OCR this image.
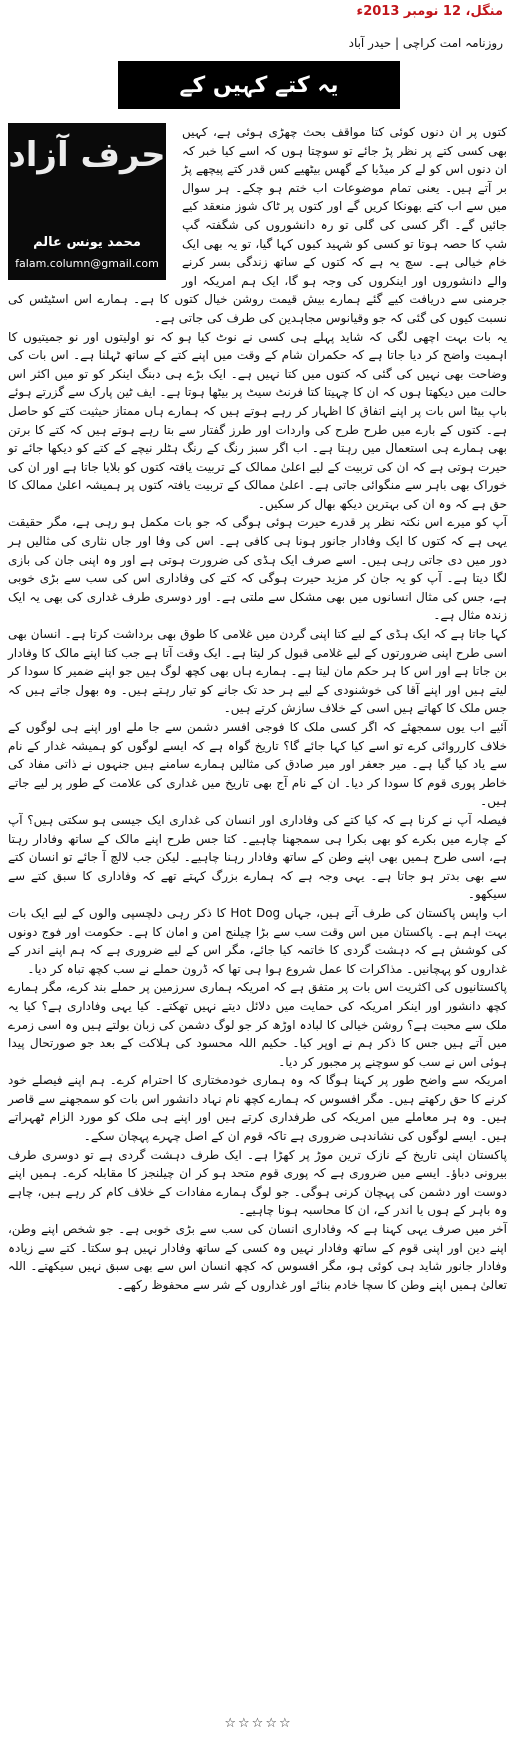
منگل، 12 نومبر 2013ء
روزنامہ امت کراچی | حیدر آباد
یہ کتے کہیں کے
حرف آزاد
محمد یونس عالم
falam.column@gmail.com

کتوں پر ان دنوں کوئی کتا مواقف بحث چھڑی ہوئی ہے، کہیں بھی کسی کتے پر نظر پڑ جائے تو سوچتا ہوں کہ اسے کیا خبر کہ ان دنوں اس کو لے کر میڈیا کے گھس بیٹھیے کس قدر کتے پیچھے پڑ بر آتے ہیں۔ یعنی تمام موضوعات اب ختم ہو چکے۔ ہر سوال میں سے اب کتے بھونکا کریں گے اور کتوں پر ٹاک شوز منعقد کیے جائیں گے۔ اگر کسی کی گلی تو رہ دانشوروں کی شگفتہ گپ شپ کا حصہ ہوتا تو کسی کو شہید کیوں کہا گیا، تو یہ بھی ایک خام خیالی ہے۔ سچ یہ ہے کہ کتوں کے ساتھ زندگی بسر کرنے والے دانشوروں اور اینکروں کی وجہ ہو گا، ایک ہم امریکہ اور جرمنی سے دریافت کیے گئے ہمارے بیش قیمت روشن خیال کتوں کا ہے۔ ہمارے اس اسٹیٹس کی نسبت کیوں کی گئی کہ جو وقیانوس مجاہدین کی طرف کی جاتی ہے۔

یہ بات بہت اچھی لگی کہ شاید پہلے ہی کسی نے نوٹ کیا ہو کہ نو اولیتوں اور نو جمیتیوں کا اہمیت واضح کر دیا جاتا ہے کہ حکمران شام کے وقت میں اپنے کتے کے ساتھ ٹہلنا ہے۔ اس بات کی وضاحت بھی نہیں کی گئی کہ کتوں میں کتا نہیں ہے۔ ایک بڑے ہی دبنگ اینکر کو تو میں اکثر اس حالت میں دیکھتا ہوں کہ ان کا چہیتا کتا فرنٹ سیٹ پر بیٹھا ہوتا ہے۔ ایف ٹین پارک سے گزرتے ہوئے باپ بیٹا اس بات پر اپنے اتفاق کا اظہار کر رہے ہوتے ہیں کہ ہمارے ہاں ممتاز حیثیت کتے کو حاصل ہے۔ کتوں کے بارے میں طرح طرح کی واردات اور طرز گفتار سے بتا رہے ہوتے ہیں کہ کتے کا برتن بھی ہمارے ہی استعمال میں رہتا ہے۔ اب اگر سبز رنگ کے رنگ ہٹلر نیچے کے کتے کو دیکھا جائے تو حیرت ہوتی ہے کہ ان کی تربیت کے لیے اعلیٰ ممالک کے تربیت یافتہ کتوں کو بلایا جاتا ہے اور ان کی خوراک بھی باہر سے منگوائی جاتی ہے۔ اعلیٰ ممالک کے تربیت یافتہ کتوں پر ہمیشہ اعلیٰ ممالک کا حق ہے کہ وہ ان کی بہترین دیکھ بھال کر سکیں۔

آپ کو میرے اس نکتہ نظر پر قدرے حیرت ہوئی ہوگی کہ جو بات مکمل ہو رہی ہے، مگر حقیقت یہی ہے کہ کتوں کا ایک وفادار جانور ہونا ہی کافی ہے۔ اس کی وفا اور جاں نثاری کی مثالیں ہر دور میں دی جاتی رہی ہیں۔ اسے صرف ایک ہڈی کی ضرورت ہوتی ہے اور وہ اپنی جان کی بازی لگا دیتا ہے۔ آپ کو یہ جان کر مزید حیرت ہوگی کہ کتے کی وفاداری اس کی سب سے بڑی خوبی ہے، جس کی مثال انسانوں میں بھی مشکل سے ملتی ہے۔ اور دوسری طرف غداری کی بھی یہ ایک زندہ مثال ہے۔

کہا جاتا ہے کہ ایک ہڈی کے لیے کتا اپنی گردن میں غلامی کا طوق بھی برداشت کرتا ہے۔ انسان بھی اسی طرح اپنی ضرورتوں کے لیے غلامی قبول کر لیتا ہے۔ ایک وقت آتا ہے جب کتا اپنے مالک کا وفادار بن جاتا ہے اور اس کا ہر حکم مان لیتا ہے۔ ہمارے ہاں بھی کچھ لوگ ہیں جو اپنے ضمیر کا سودا کر لیتے ہیں اور اپنے آقا کی خوشنودی کے لیے ہر حد تک جانے کو تیار رہتے ہیں۔ وہ بھول جاتے ہیں کہ جس ملک کا کھاتے ہیں اسی کے خلاف سازش کرتے ہیں۔

آئیے اب یوں سمجھئے کہ اگر کسی ملک کا فوجی افسر دشمن سے جا ملے اور اپنے ہی لوگوں کے خلاف کارروائی کرے تو اسے کیا کہا جائے گا؟ تاریخ گواہ ہے کہ ایسے لوگوں کو ہمیشہ غدار کے نام سے یاد کیا گیا ہے۔ میر جعفر اور میر صادق کی مثالیں ہمارے سامنے ہیں جنہوں نے ذاتی مفاد کی خاطر پوری قوم کا سودا کر دیا۔ ان کے نام آج بھی تاریخ میں غداری کی علامت کے طور پر لیے جاتے ہیں۔

فیصلہ آپ نے کرنا ہے کہ کیا کتے کی وفاداری اور انسان کی غداری ایک جیسی ہو سکتی ہیں؟ آپ کے چارے میں بکرے کو بھی بکرا ہی سمجھنا چاہیے۔ کتا جس طرح اپنے مالک کے ساتھ وفادار رہتا ہے، اسی طرح ہمیں بھی اپنے وطن کے ساتھ وفادار رہنا چاہیے۔ لیکن جب لالچ آ جائے تو انسان کتے سے بھی بدتر ہو جاتا ہے۔ یہی وجہ ہے کہ ہمارے بزرگ کہتے تھے کہ وفاداری کا سبق کتے سے سیکھو۔

اب واپس پاکستان کی طرف آتے ہیں، جہاں Hot Dog کا ذکر رہی دلچسپی والوں کے لیے ایک بات بہت اہم ہے۔ پاکستان میں اس وقت سب سے بڑا چیلنج امن و امان کا ہے۔ حکومت اور فوج دونوں کی کوشش ہے کہ دہشت گردی کا خاتمہ کیا جائے، مگر اس کے لیے ضروری ہے کہ ہم اپنے اندر کے غداروں کو پہچانیں۔ مذاکرات کا عمل شروع ہوا ہی تھا کہ ڈرون حملے نے سب کچھ تباہ کر دیا۔

پاکستانیوں کی اکثریت اس بات پر متفق ہے کہ امریکہ ہماری سرزمین پر حملے بند کرے، مگر ہمارے کچھ دانشور اور اینکر امریکہ کی حمایت میں دلائل دیتے نہیں تھکتے۔ کیا یہی وفاداری ہے؟ کیا یہ ملک سے محبت ہے؟ روشن خیالی کا لبادہ اوڑھ کر جو لوگ دشمن کی زبان بولتے ہیں وہ اسی زمرے میں آتے ہیں جس کا ذکر ہم نے اوپر کیا۔ حکیم اللہ محسود کی ہلاکت کے بعد جو صورتحال پیدا ہوئی اس نے سب کو سوچنے پر مجبور کر دیا۔

امریکہ سے واضح طور پر کہنا ہوگا کہ وہ ہماری خودمختاری کا احترام کرے۔ ہم اپنے فیصلے خود کرنے کا حق رکھتے ہیں۔ مگر افسوس کہ ہمارے کچھ نام نہاد دانشور اس بات کو سمجھنے سے قاصر ہیں۔ وہ ہر معاملے میں امریکہ کی طرفداری کرتے ہیں اور اپنے ہی ملک کو مورد الزام ٹھہراتے ہیں۔ ایسے لوگوں کی نشاندہی ضروری ہے تاکہ قوم ان کے اصل چہرے پہچان سکے۔

پاکستان اپنی تاریخ کے نازک ترین موڑ پر کھڑا ہے۔ ایک طرف دہشت گردی ہے تو دوسری طرف بیرونی دباؤ۔ ایسے میں ضروری ہے کہ پوری قوم متحد ہو کر ان چیلنجز کا مقابلہ کرے۔ ہمیں اپنے دوست اور دشمن کی پہچان کرنی ہوگی۔ جو لوگ ہمارے مفادات کے خلاف کام کر رہے ہیں، چاہے وہ باہر کے ہوں یا اندر کے، ان کا محاسبہ ہونا چاہیے۔

آخر میں صرف یہی کہنا ہے کہ وفاداری انسان کی سب سے بڑی خوبی ہے۔ جو شخص اپنے وطن، اپنے دین اور اپنی قوم کے ساتھ وفادار نہیں وہ کسی کے ساتھ وفادار نہیں ہو سکتا۔ کتے سے زیادہ وفادار جانور شاید ہی کوئی ہو، مگر افسوس کہ کچھ انسان اس سے بھی سبق نہیں سیکھتے۔ اللہ تعالیٰ ہمیں اپنے وطن کا سچا خادم بنائے اور غداروں کے شر سے محفوظ رکھے۔

☆☆☆☆☆
